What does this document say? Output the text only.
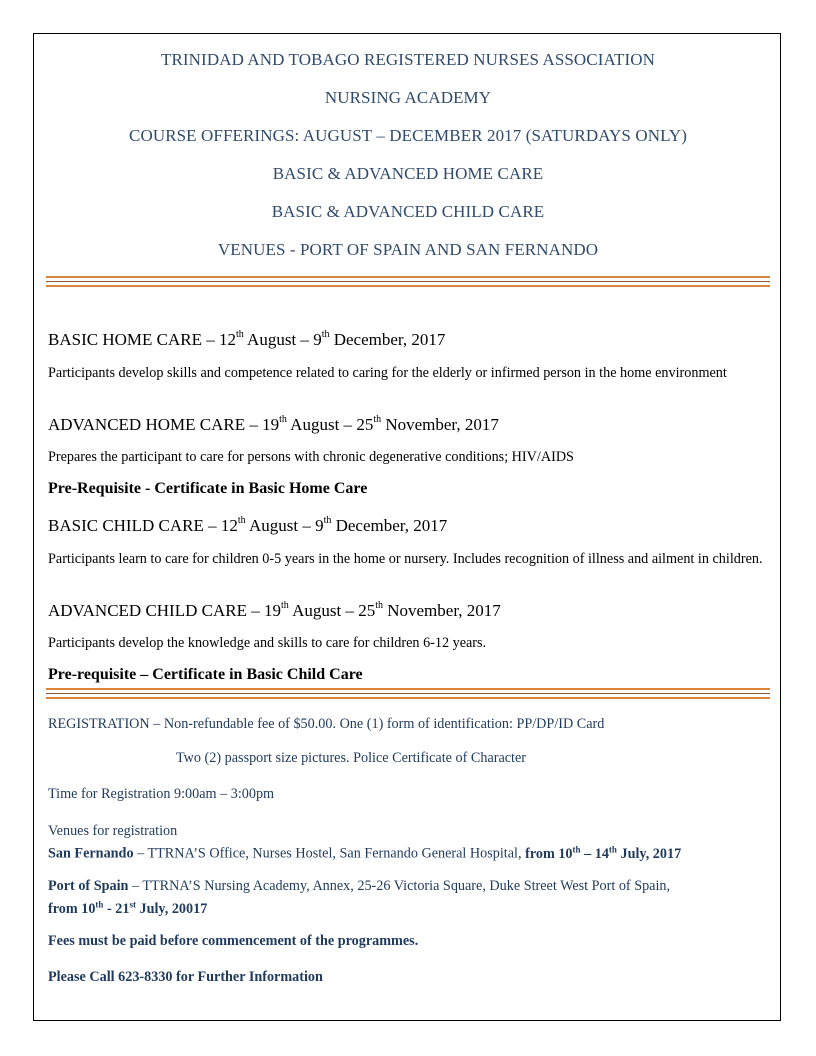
TRINIDAD AND TOBAGO REGISTERED NURSES ASSOCIATION
NURSING ACADEMY
COURSE OFFERINGS: AUGUST – DECEMBER 2017 (SATURDAYS ONLY)
BASIC & ADVANCED HOME CARE
BASIC & ADVANCED CHILD CARE
VENUES - PORT OF SPAIN AND SAN FERNANDO
BASIC HOME CARE – 12th August – 9th December, 2017
Participants develop skills and competence related to caring for the elderly or infirmed person in the home environment
ADVANCED HOME CARE – 19th August – 25th November, 2017
Prepares the participant to care for persons with chronic degenerative conditions; HIV/AIDS
Pre-Requisite - Certificate in Basic Home Care
BASIC CHILD CARE – 12th August – 9th December, 2017
Participants learn to care for children 0-5 years in the home or nursery. Includes recognition of illness and ailment in children.
ADVANCED CHILD CARE – 19th August – 25th November, 2017
Participants develop the knowledge and skills to care for children 6-12 years.
Pre-requisite – Certificate in Basic Child Care
REGISTRATION – Non-refundable fee of $50.00. One (1) form of identification: PP/DP/ID Card
Two (2) passport size pictures. Police Certificate of Character
Time for Registration 9:00am – 3:00pm
Venues for registration
San Fernando – TTRNA’S Office, Nurses Hostel, San Fernando General Hospital, from 10th – 14th July, 2017
Port of Spain – TTRNA’S Nursing Academy, Annex, 25-26 Victoria Square, Duke Street West Port of Spain,
from 10th - 21st July, 20017
Fees must be paid before commencement of the programmes.
Please Call 623-8330 for Further Information
